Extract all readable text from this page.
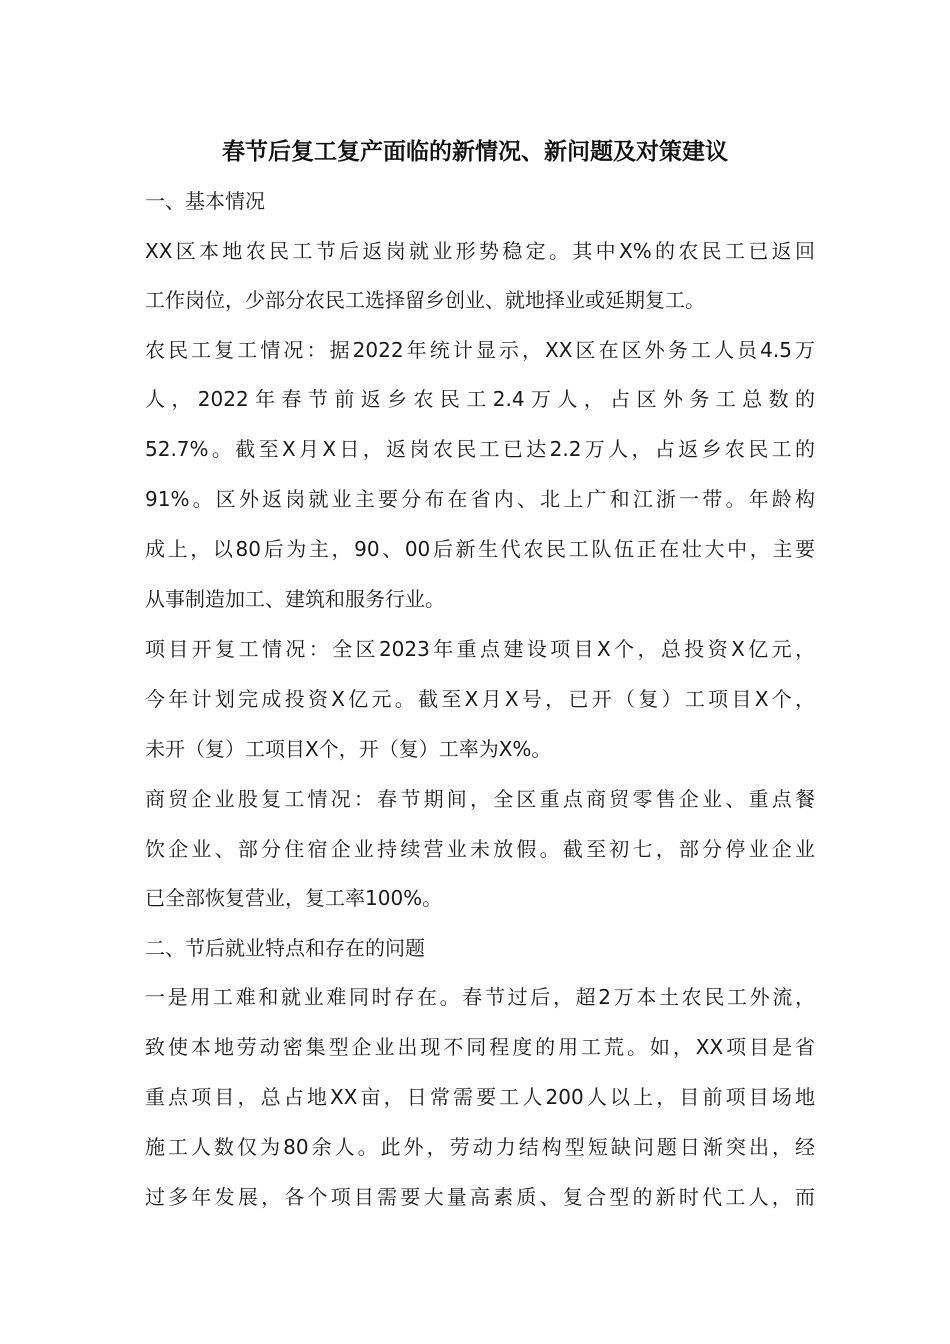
春节后复工复产面临的新情况、新问题及对策建议
一、基本情况
XX区本地农民工节后返岗就业形势稳定。其中X%的农民工已返回
工作岗位，少部分农民工选择留乡创业、就地择业或延期复工。
农民工复工情况：据2022年统计显示，XX区在区外务工人员4.5万
人，2022年春节前返乡农民工2.4万人，占区外务工总数的
52.7%。截至X月X日，返岗农民工已达2.2万人，占返乡农民工的
91%。区外返岗就业主要分布在省内、北上广和江浙一带。年龄构
成上，以80后为主，90、00后新生代农民工队伍正在壮大中，主要
从事制造加工、建筑和服务行业。
项目开复工情况：全区2023年重点建设项目X个，总投资X亿元，
今年计划完成投资X亿元。截至X月X号，已开（复）工项目X个，
未开（复）工项目X个，开（复）工率为X%。
商贸企业股复工情况：春节期间，全区重点商贸零售企业、重点餐
饮企业、部分住宿企业持续营业未放假。截至初七，部分停业企业
已全部恢复营业，复工率100%。
二、节后就业特点和存在的问题
一是用工难和就业难同时存在。春节过后，超2万本土农民工外流，
致使本地劳动密集型企业出现不同程度的用工荒。如，XX项目是省
重点项目，总占地XX亩，日常需要工人200人以上，目前项目场地
施工人数仅为80余人。此外，劳动力结构型短缺问题日渐突出，经
过多年发展，各个项目需要大量高素质、复合型的新时代工人，而
